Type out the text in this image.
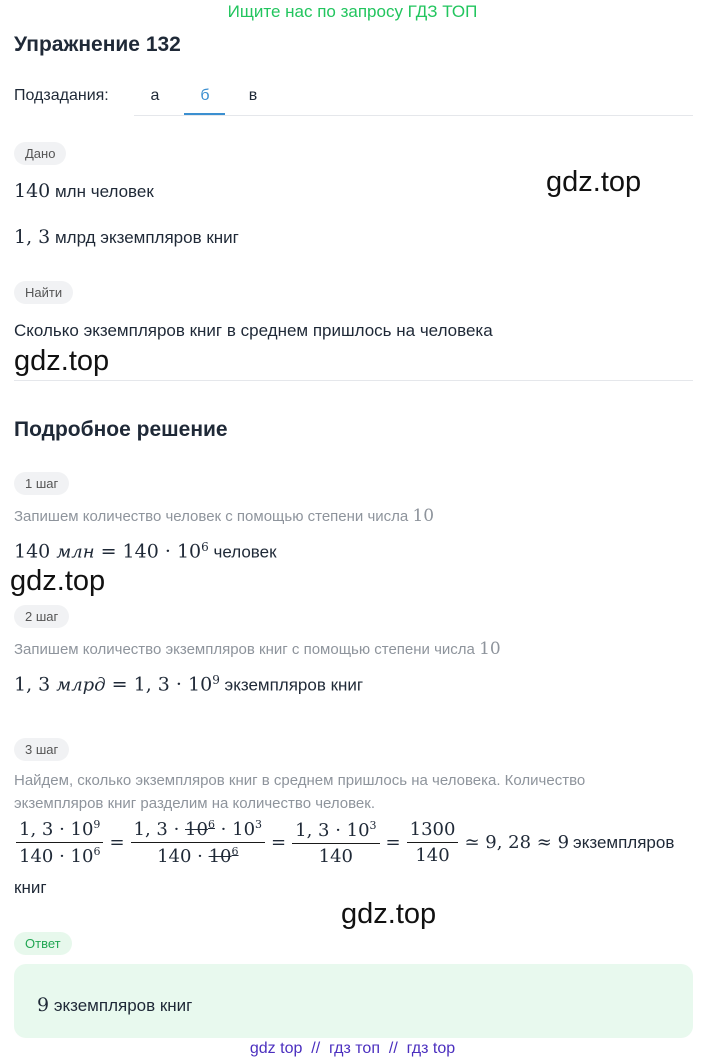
Ищите нас по запросу ГДЗ ТОП
Упражнение 132
Подзадания:	а	б	в
Дано
140 млн человек	gdz.top
1, 3 млрд экземпляров книг
Найти
Сколько экземпляров книг в среднем пришлось на человека
gdz.top
Подробное решение
1 шаг
Запишем количество человек с помощью степени числа 10
140 млн = $140 \cdot 10^6$ человек
gdz.top
2 шаг
Запишем количество экземпляров книг с помощью степени числа 10
1, 3 млрд = 1, $3 \cdot 10^9$ экземпляров книг
3 шаг
Найдем, сколько экземпляров книг в среднем пришлось на человека. Количество
экземпляров книг разделим на количество человек.
$\frac{1, 3 \cdot 10^9}{140 \cdot 10^6} = \frac{1, 3 \cdot 10^6 \cdot 10^3}{140 \cdot 10^6} = \frac{1, 3 \cdot 10^3}{140} = \frac{1300}{140}$ ≃ 9, 28 ≈ 9экземпляров
книг
gdz.top
Ответ
9 экземпляров книг
gdz top  //  гдз топ  //  гдз top
